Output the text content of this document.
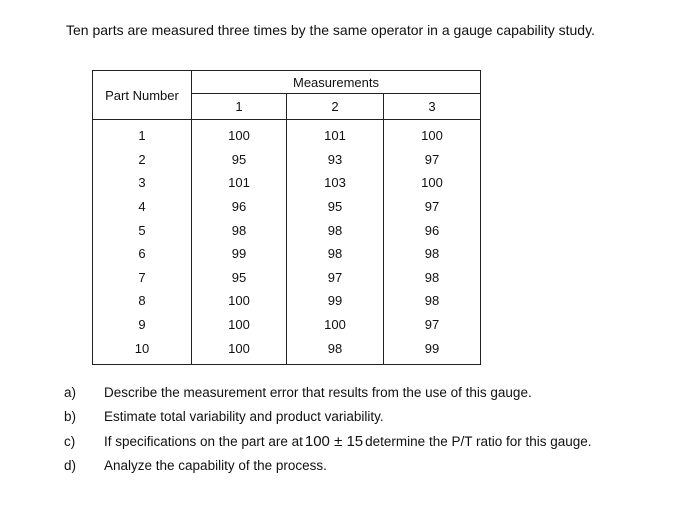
Ten parts are measured three times by the same operator in a gauge capability study.
Part Number	Measurements		
	1	2	3
1	100	101	100
2	95	93	97
3	101	103	100
4	96	95	97
5	98	98	96
6	99	98	98
7	95	97	98
8	100	99	98
9	100	100	97
10	100	98	99
a)	Describe the measurement error that results from the use of this gauge.
b)	Estimate total variability and product variability.
c)	If specifications on the part are at 100 ± 15 determine the P/T ratio for this gauge.
d)	Analyze the capability of the process.
